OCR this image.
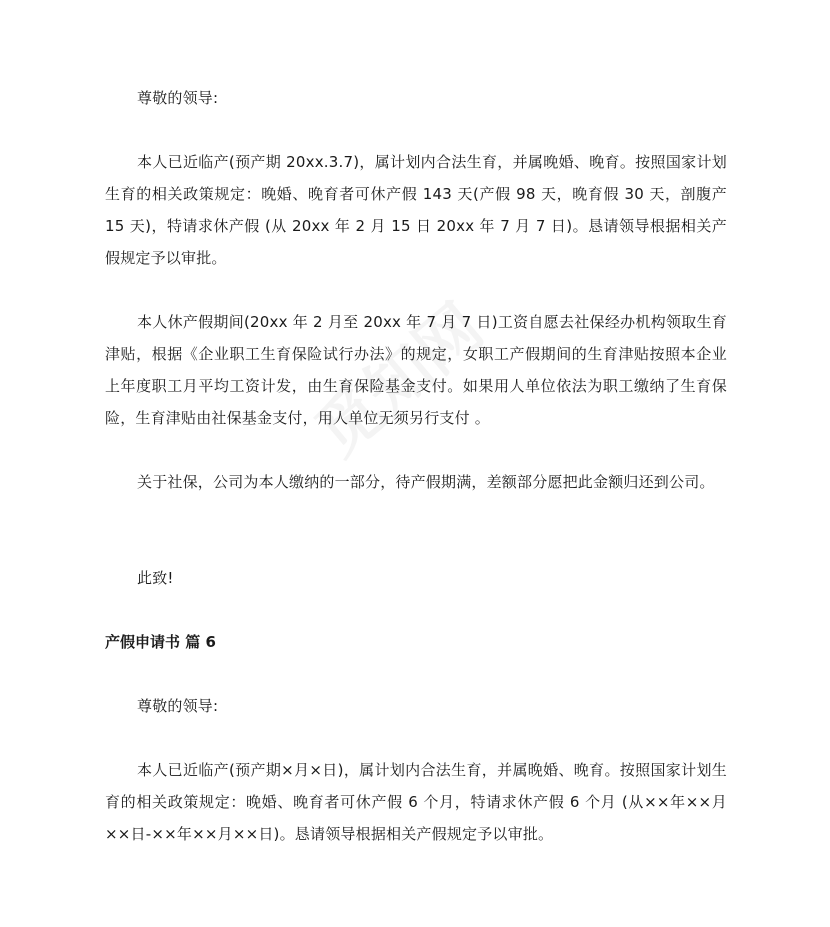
尊敬的领导:

本人已近临产(预产期 20xx.3.7)，属计划内合法生育，并属晚婚、晚育。按照国家计划生育的相关政策规定：晚婚、晚育者可休产假 143 天(产假 98 天，晚育假 30 天，剖腹产 15 天)，特请求休产假 (从 20xx 年 2 月 15 日 20xx 年 7 月 7 日)。恳请领导根据相关产假规定予以审批。

本人休产假期间(20xx 年 2 月至 20xx 年 7 月 7 日)工资自愿去社保经办机构领取生育津贴，根据《企业职工生育保险试行办法》的规定，女职工产假期间的生育津贴按照本企业上年度职工月平均工资计发，由生育保险基金支付。如果用人单位依法为职工缴纳了生育保险，生育津贴由社保基金支付，用人单位无须另行支付 。

关于社保，公司为本人缴纳的一部分，待产假期满，差额部分愿把此金额归还到公司。

此致!

产假申请书 篇 6

尊敬的领导:

本人已近临产(预产期×月×日)，属计划内合法生育，并属晚婚、晚育。按照国家计划生育的相关政策规定：晚婚、晚育者可休产假 6 个月，特请求休产假 6 个月 (从××年××月××日-××年××月××日)。恳请领导根据相关产假规定予以审批。
